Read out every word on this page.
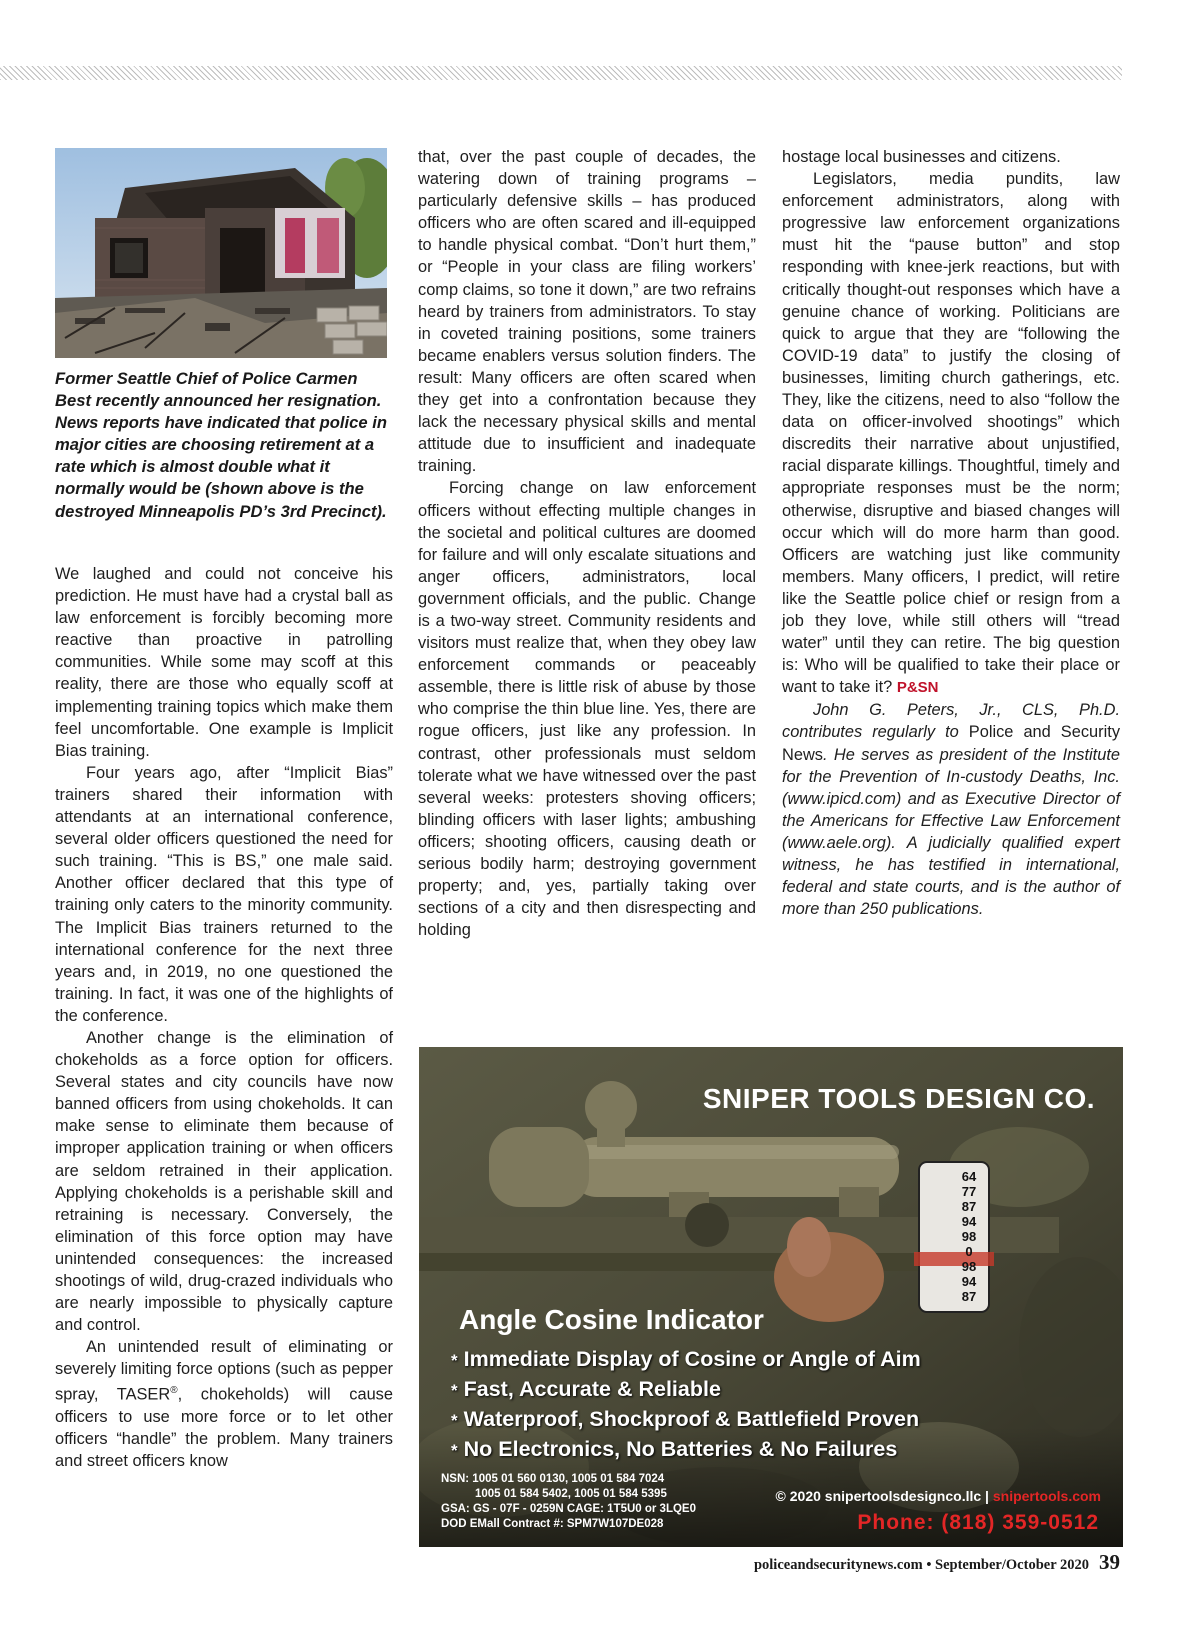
Former Seattle Chief of Police Carmen Best recently announced her resignation. News reports have indicated that police in major cities are choosing retirement at a rate which is almost double what it normally would be (shown above is the destroyed Minneapolis PD’s 3rd Precinct).

We laughed and could not conceive his prediction. He must have had a crystal ball as law enforcement is forcibly becoming more reactive than proactive in patrolling communities. While some may scoff at this reality, there are those who equally scoff at implementing training topics which make them feel uncomfortable. One example is Implicit Bias training.

Four years ago, after “Implicit Bias” trainers shared their information with attendants at an international conference, several older officers questioned the need for such training. “This is BS,” one male said. Another officer declared that this type of training only caters to the minority community. The Implicit Bias trainers returned to the international conference for the next three years and, in 2019, no one questioned the training. In fact, it was one of the highlights of the conference.

Another change is the elimination of chokeholds as a force option for officers. Several states and city councils have now banned officers from using chokeholds. It can make sense to eliminate them because of improper application training or when officers are seldom retrained in their application. Applying chokeholds is a perishable skill and retraining is necessary. Conversely, the elimination of this force option may have unintended consequences: the increased shootings of wild, drug-crazed individuals who are nearly impossible to physically capture and control.

An unintended result of eliminating or severely limiting force options (such as pepper spray, TASER®, chokeholds) will cause officers to use more force or to let other officers “handle” the problem. Many trainers and street officers know

that, over the past couple of decades, the watering down of training programs – particularly defensive skills – has produced officers who are often scared and ill-equipped to handle physical combat. “Don’t hurt them,” or “People in your class are filing workers’ comp claims, so tone it down,” are two refrains heard by trainers from administrators. To stay in coveted training positions, some trainers became enablers versus solution finders. The result: Many officers are often scared when they get into a confrontation because they lack the necessary physical skills and mental attitude due to insufficient and inadequate training.

Forcing change on law enforcement officers without effecting multiple changes in the societal and political cultures are doomed for failure and will only escalate situations and anger officers, administrators, local government officials, and the public. Change is a two-way street. Community residents and visitors must realize that, when they obey law enforcement commands or peaceably assemble, there is little risk of abuse by those who comprise the thin blue line. Yes, there are rogue officers, just like any profession. In contrast, other professionals must seldom tolerate what we have witnessed over the past several weeks: protesters shoving officers; blinding officers with laser lights; ambushing officers; shooting officers, causing death or serious bodily harm; destroying government property; and, yes, partially taking over sections of a city and then disrespecting and holding

hostage local businesses and citizens.

Legislators, media pundits, law enforcement administrators, along with progressive law enforcement organizations must hit the “pause button” and stop responding with knee-jerk reactions, but with critically thought-out responses which have a genuine chance of working. Politicians are quick to argue that they are “following the COVID-19 data” to justify the closing of businesses, limiting church gatherings, etc. They, like the citizens, need to also “follow the data on officer-involved shootings” which discredits their narrative about unjustified, racial disparate killings. Thoughtful, timely and appropriate responses must be the norm; otherwise, disruptive and biased changes will occur which will do more harm than good. Officers are watching just like community members. Many officers, I predict, will retire like the Seattle police chief or resign from a job they love, while still others will “tread water” until they can retire. The big question is: Who will be qualified to take their place or want to take it? P&SN

John G. Peters, Jr., CLS, Ph.D. contributes regularly to Police and Security News. He serves as president of the Institute for the Prevention of In-custody Deaths, Inc. (www.ipicd.com) and as Executive Director of the Americans for Effective Law Enforcement (www.aele.org). A judicially qualified expert witness, he has testified in international, federal and state courts, and is the author of more than 250 publications.

64
77
87
94
98
0
98
94
87
SNIPER TOOLS DESIGN CO.
Angle Cosine Indicator
* Immediate Display of Cosine or Angle of Aim
* Fast, Accurate & Reliable
* Waterproof, Shockproof & Battlefield Proven
* No Electronics, No Batteries & No Failures
NSN: 1005 01 560 0130, 1005 01 584 7024
1005 01 584 5402, 1005 01 584 5395
GSA: GS - 07F - 0259N CAGE: 1T5U0 or 3LQE0
DOD EMall Contract #: SPM7W107DE028
© 2020 snipertoolsdesignco.llc | snipertools.com
Phone: (818) 359-0512
policeandsecuritynews.com • September/October 2020 39
